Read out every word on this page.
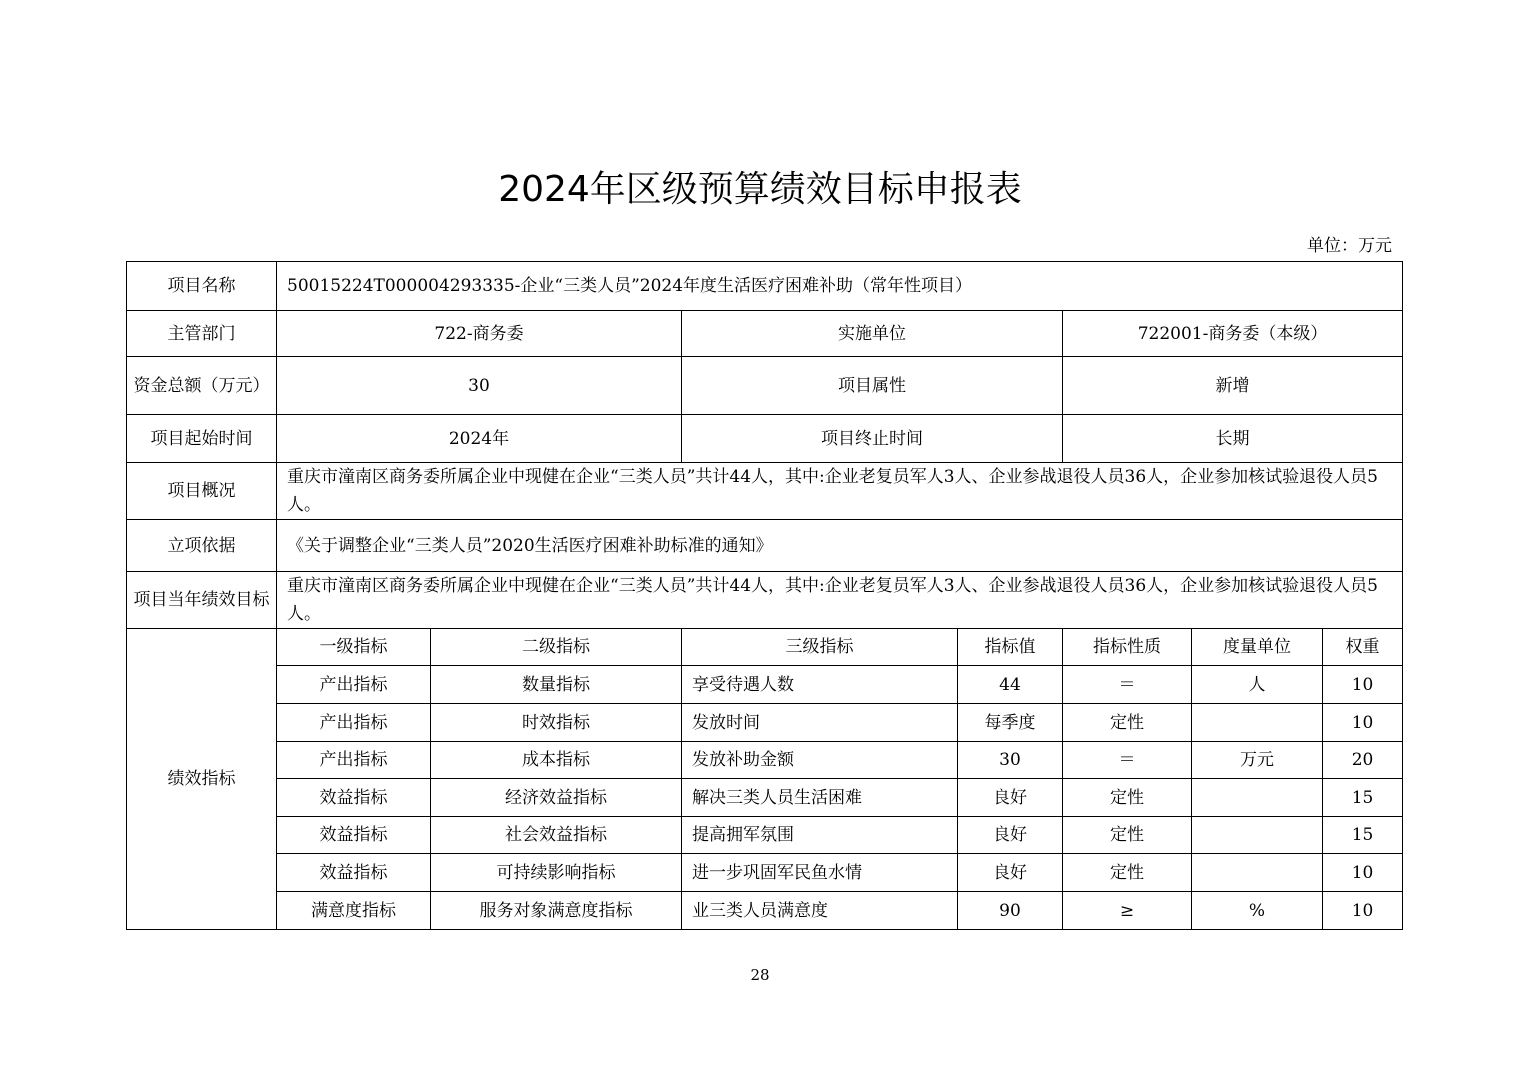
2024年区级预算绩效目标申报表
单位：万元
项目名称	50015224T000004293335-企业“三类人员”2024年度生活医疗困难补助（常年性项目）						
主管部门	722-商务委		实施单位		722001-商务委（本级）		
资金总额（万元）	30		项目属性		新增		
项目起始时间	2024年		项目终止时间		长期		
项目概况	重庆市潼南区商务委所属企业中现健在企业“三类人员”共计44人，其中:企业老复员军人3人、企业参战退役人员36人，企业参加核试验退役人员5人。						
立项依据	《关于调整企业“三类人员”2020生活医疗困难补助标准的通知》						
项目当年绩效目标	重庆市潼南区商务委所属企业中现健在企业“三类人员”共计44人，其中:企业老复员军人3人、企业参战退役人员36人，企业参加核试验退役人员5人。						
绩效指标	一级指标	二级指标	三级指标	指标值	指标性质	度量单位	权重
	产出指标	数量指标	享受待遇人数	44	＝	人	10
	产出指标	时效指标	发放时间	每季度	定性		10
	产出指标	成本指标	发放补助金额	30	＝	万元	20
	效益指标	经济效益指标	解决三类人员生活困难	良好	定性		15
	效益指标	社会效益指标	提高拥军氛围	良好	定性		15
	效益指标	可持续影响指标	进一步巩固军民鱼水情	良好	定性		10
	满意度指标	服务对象满意度指标	业三类人员满意度	90	≥	%	10
28
